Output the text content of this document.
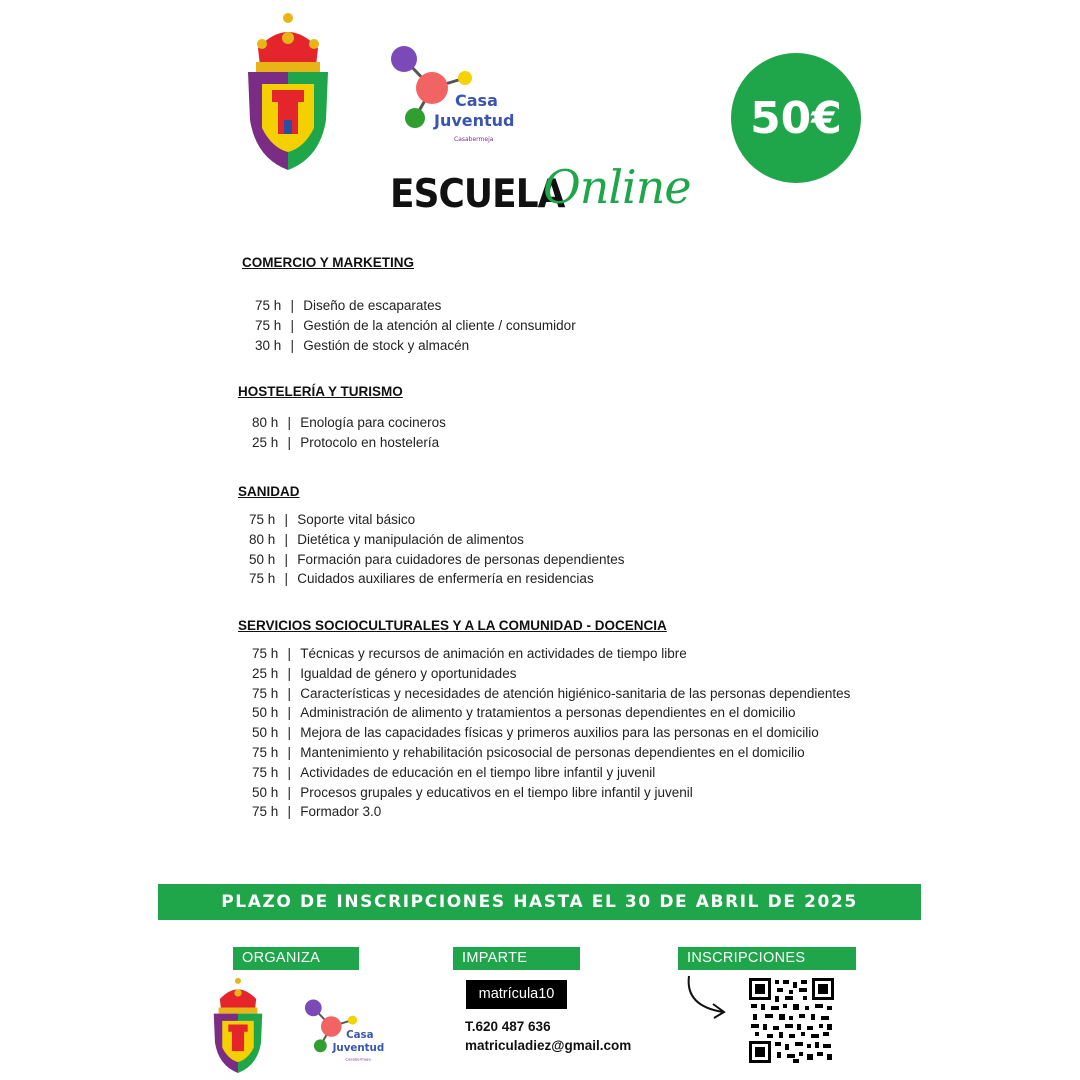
Casa
Juventud
Casabermeja	50€
ESCUELA
Online
COMERCIO Y MARKETING
75 h | Diseño de escaparates
75 h | Gestión de la atención al cliente / consumidor
30 h | Gestión de stock y almacén
HOSTELERÍA Y TURISMO
80 h | Enología para cocineros
25 h | Protocolo en hostelería
SANIDAD
75 h | Soporte vital básico
80 h | Dietética y manipulación de alimentos
50 h | Formación para cuidadores de personas dependientes
75 h | Cuidados auxiliares de enfermería en residencias
SERVICIOS SOCIOCULTURALES Y A LA COMUNIDAD - DOCENCIA
75 h | Técnicas y recursos de animación en actividades de tiempo libre
25 h | Igualdad de género y oportunidades
75 h | Características y necesidades de atención higiénico-sanitaria de las personas dependientes
50 h | Administración de alimento y tratamientos a personas dependientes en el domicilio
50 h | Mejora de las capacidades físicas y primeros auxilios para las personas en el domicilio
75 h | Mantenimiento y rehabilitación psicosocial de personas dependientes en el domicilio
75 h | Actividades de educación en el tiempo libre infantil y juvenil
50 h | Procesos grupales y educativos en el tiempo libre infantil y juvenil
75 h | Formador 3.0
PLAZO DE INSCRIPCIONES HASTA EL 30 DE ABRIL DE 2025
ORGANIZA	IMPARTE	INSCRIPCIONES
Casa
Juventud
Casabermeja
matrícula10
T.620 487 636
matriculadiez@gmail.com
